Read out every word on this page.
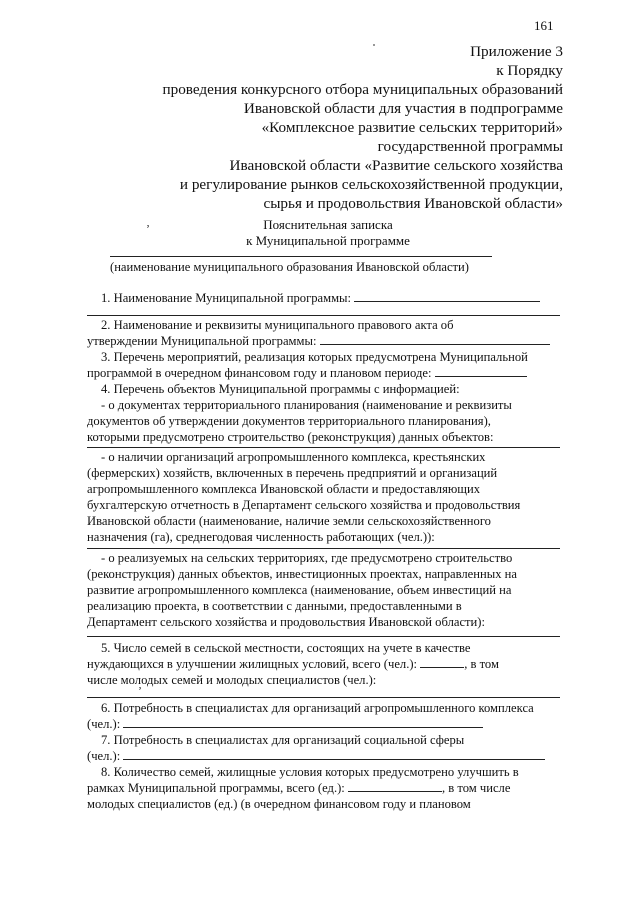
161
Приложение 3
к Порядку
проведения конкурсного отбора муниципальных образований
Ивановской области для участия в подпрограмме
«Комплексное развитие сельских территорий»
государственной программы
Ивановской области «Развитие сельского хозяйства
и регулирование рынков сельскохозяйственной продукции,
сырья и продовольствия Ивановской области»
ʼ	Пояснительная записка
к Муниципальной программе
(наименование муниципального образования Ивановской области)
1. Наименование Муниципальной программы:
2. Наименование и реквизиты муниципального правового акта об
утверждении Муниципальной программы:
3. Перечень мероприятий, реализация которых предусмотрена Муниципальной
программой в очередном финансовом году и плановом периоде:
4. Перечень объектов Муниципальной программы с информацией:
- о документах территориального планирования (наименование и реквизиты
документов об утверждении документов территориального планирования),
которыми предусмотрено строительство (реконструкция) данных объектов:
- о наличии организаций агропромышленного комплекса, крестьянских
(фермерских) хозяйств, включенных в перечень предприятий и организаций
агропромышленного комплекса Ивановской области и предоставляющих
бухгалтерскую отчетность в Департамент сельского хозяйства и продовольствия
Ивановской области (наименование, наличие земли сельскохозяйственного
назначения (га), среднегодовая численность работающих (чел.)):
- о реализуемых на сельских территориях, где предусмотрено строительство
(реконструкция) данных объектов, инвестиционных проектах, направленных на
развитие агропромышленного комплекса (наименование, объем инвестиций на
реализацию проекта, в соответствии с данными, предоставленными в
Департамент сельского хозяйства и продовольствия Ивановской области):
5. Число семей в сельской местности, состоящих на учете в качестве
нуждающихся в улучшении жилищных условий, всего (чел.):	, в том
числе молодых семей и молодых специалистов (чел.):
ʼ
6. Потребность в специалистах для организаций агропромышленного комплекса
(чел.):
7. Потребность в специалистах для организаций социальной сферы
(чел.):
8. Количество семей, жилищные условия которых предусмотрено улучшить в
рамках Муниципальной программы, всего (ед.):	, в том числе
молодых специалистов (ед.) (в очередном финансовом году и плановом
